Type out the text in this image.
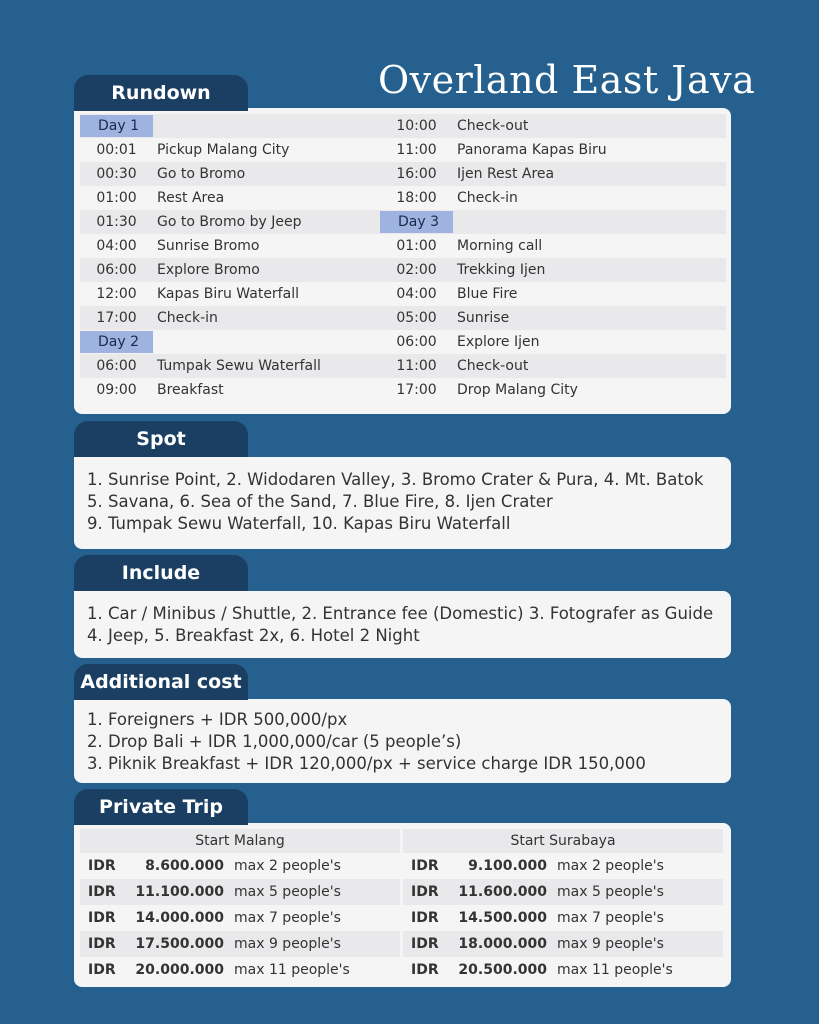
Overland East Java
Rundown
Day 1
00:01	Pickup Malang City
00:30	Go to Bromo
01:00	Rest Area
01:30	Go to Bromo by Jeep
04:00	Sunrise Bromo
06:00	Explore Bromo
12:00	Kapas Biru Waterfall
17:00	Check-in
Day 2
06:00	Tumpak Sewu Waterfall
09:00	Breakfast
10:00	Check-out
11:00	Panorama Kapas Biru
16:00	Ijen Rest Area
18:00	Check-in
Day 3
01:00	Morning call
02:00	Trekking Ijen
04:00	Blue Fire
05:00	Sunrise
06:00	Explore Ijen
11:00	Check-out
17:00	Drop Malang City
Spot
1. Sunrise Point, 2. Widodaren Valley, 3. Bromo Crater & Pura, 4. Mt. Batok
5. Savana, 6. Sea of the Sand, 7. Blue Fire, 8. Ijen Crater
9. Tumpak Sewu Waterfall, 10. Kapas Biru Waterfall
Include
1. Car / Minibus / Shuttle, 2. Entrance fee (Domestic) 3. Fotografer as Guide
4. Jeep, 5. Breakfast 2x, 6. Hotel 2 Night
Additional cost
1. Foreigners + IDR 500,000/px
2. Drop Bali + IDR 1,000,000/car (5 people’s)
3. Piknik Breakfast + IDR 120,000/px + service charge IDR 150,000
Private Trip
Start Malang
IDR	8.600.000 max 2 people's
IDR	11.100.000 max 5 people's
IDR	14.000.000 max 7 people's
IDR	17.500.000 max 9 people's
IDR	20.000.000 max 11 people's
Start Surabaya
IDR	9.100.000 max 2 people's
IDR	11.600.000 max 5 people's
IDR	14.500.000 max 7 people's
IDR	18.000.000 max 9 people's
IDR	20.500.000 max 11 people's
